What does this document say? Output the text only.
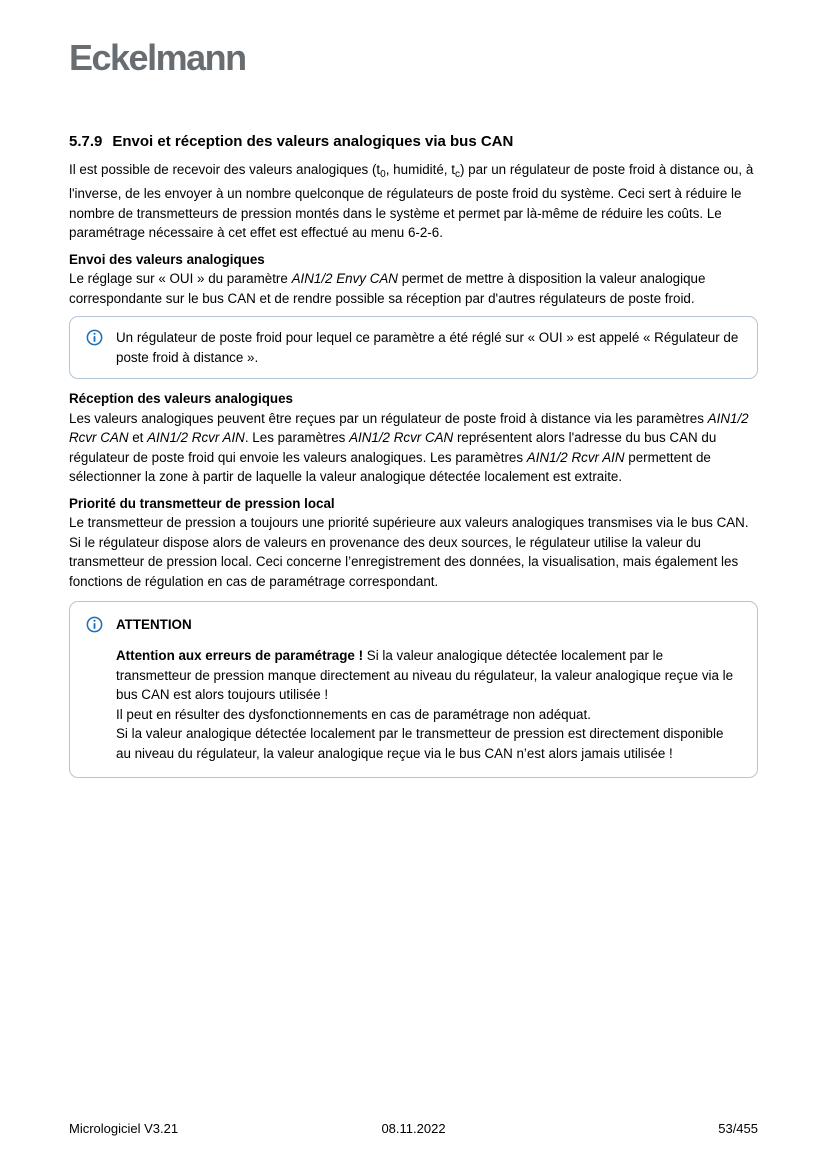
Eckelmann
5.7.9 Envoi et réception des valeurs analogiques via bus CAN

Il est possible de recevoir des valeurs analogiques ($t_0$, humidité, $t_c$) par un régulateur de poste froid à distance ou, à l'inverse, de les envoyer à un nombre quelconque de régulateurs de poste froid du système. Ceci sert à réduire le nombre de transmetteurs de pression montés dans le système et permet par là-même de réduire les coûts. Le paramétrage nécessaire à cet effet est effectué au menu 6-2-6.

Envoi des valeurs analogiques

Le réglage sur « OUI » du paramètre AIN1/2 Envy CAN permet de mettre à disposition la valeur analogique correspondante sur le bus CAN et de rendre possible sa réception par d'autres régulateurs de poste froid.

Un régulateur de poste froid pour lequel ce paramètre a été réglé sur « OUI » est appelé « Régulateur de poste froid à distance ».
Réception des valeurs analogiques

Les valeurs analogiques peuvent être reçues par un régulateur de poste froid à distance via les paramètres AIN1/2 Rcvr CAN et AIN1/2 Rcvr AIN. Les paramètres AIN1/2 Rcvr CAN représentent alors l'adresse du bus CAN du régulateur de poste froid qui envoie les valeurs analogiques. Les paramètres AIN1/2 Rcvr AIN permettent de sélectionner la zone à partir de laquelle la valeur analogique détectée localement est extraite.

Priorité du transmetteur de pression local

Le transmetteur de pression a toujours une priorité supérieure aux valeurs analogiques transmises via le bus CAN. Si le régulateur dispose alors de valeurs en provenance des deux sources, le régulateur utilise la valeur du transmetteur de pression local. Ceci concerne l’enregistrement des données, la visualisation, mais également les fonctions de régulation en cas de paramétrage correspondant.

ATTENTION
Attention aux erreurs de paramétrage ! Si la valeur analogique détectée localement par le transmetteur de pression manque directement au niveau du régulateur, la valeur analogique reçue via le bus CAN est alors toujours utilisée !
Il peut en résulter des dysfonctionnements en cas de paramétrage non adéquat.
Si la valeur analogique détectée localement par le transmetteur de pression est directement disponible au niveau du régulateur, la valeur analogique reçue via le bus CAN n’est alors jamais utilisée !
Micrologiciel V3.21	08.11.2022	53/455
